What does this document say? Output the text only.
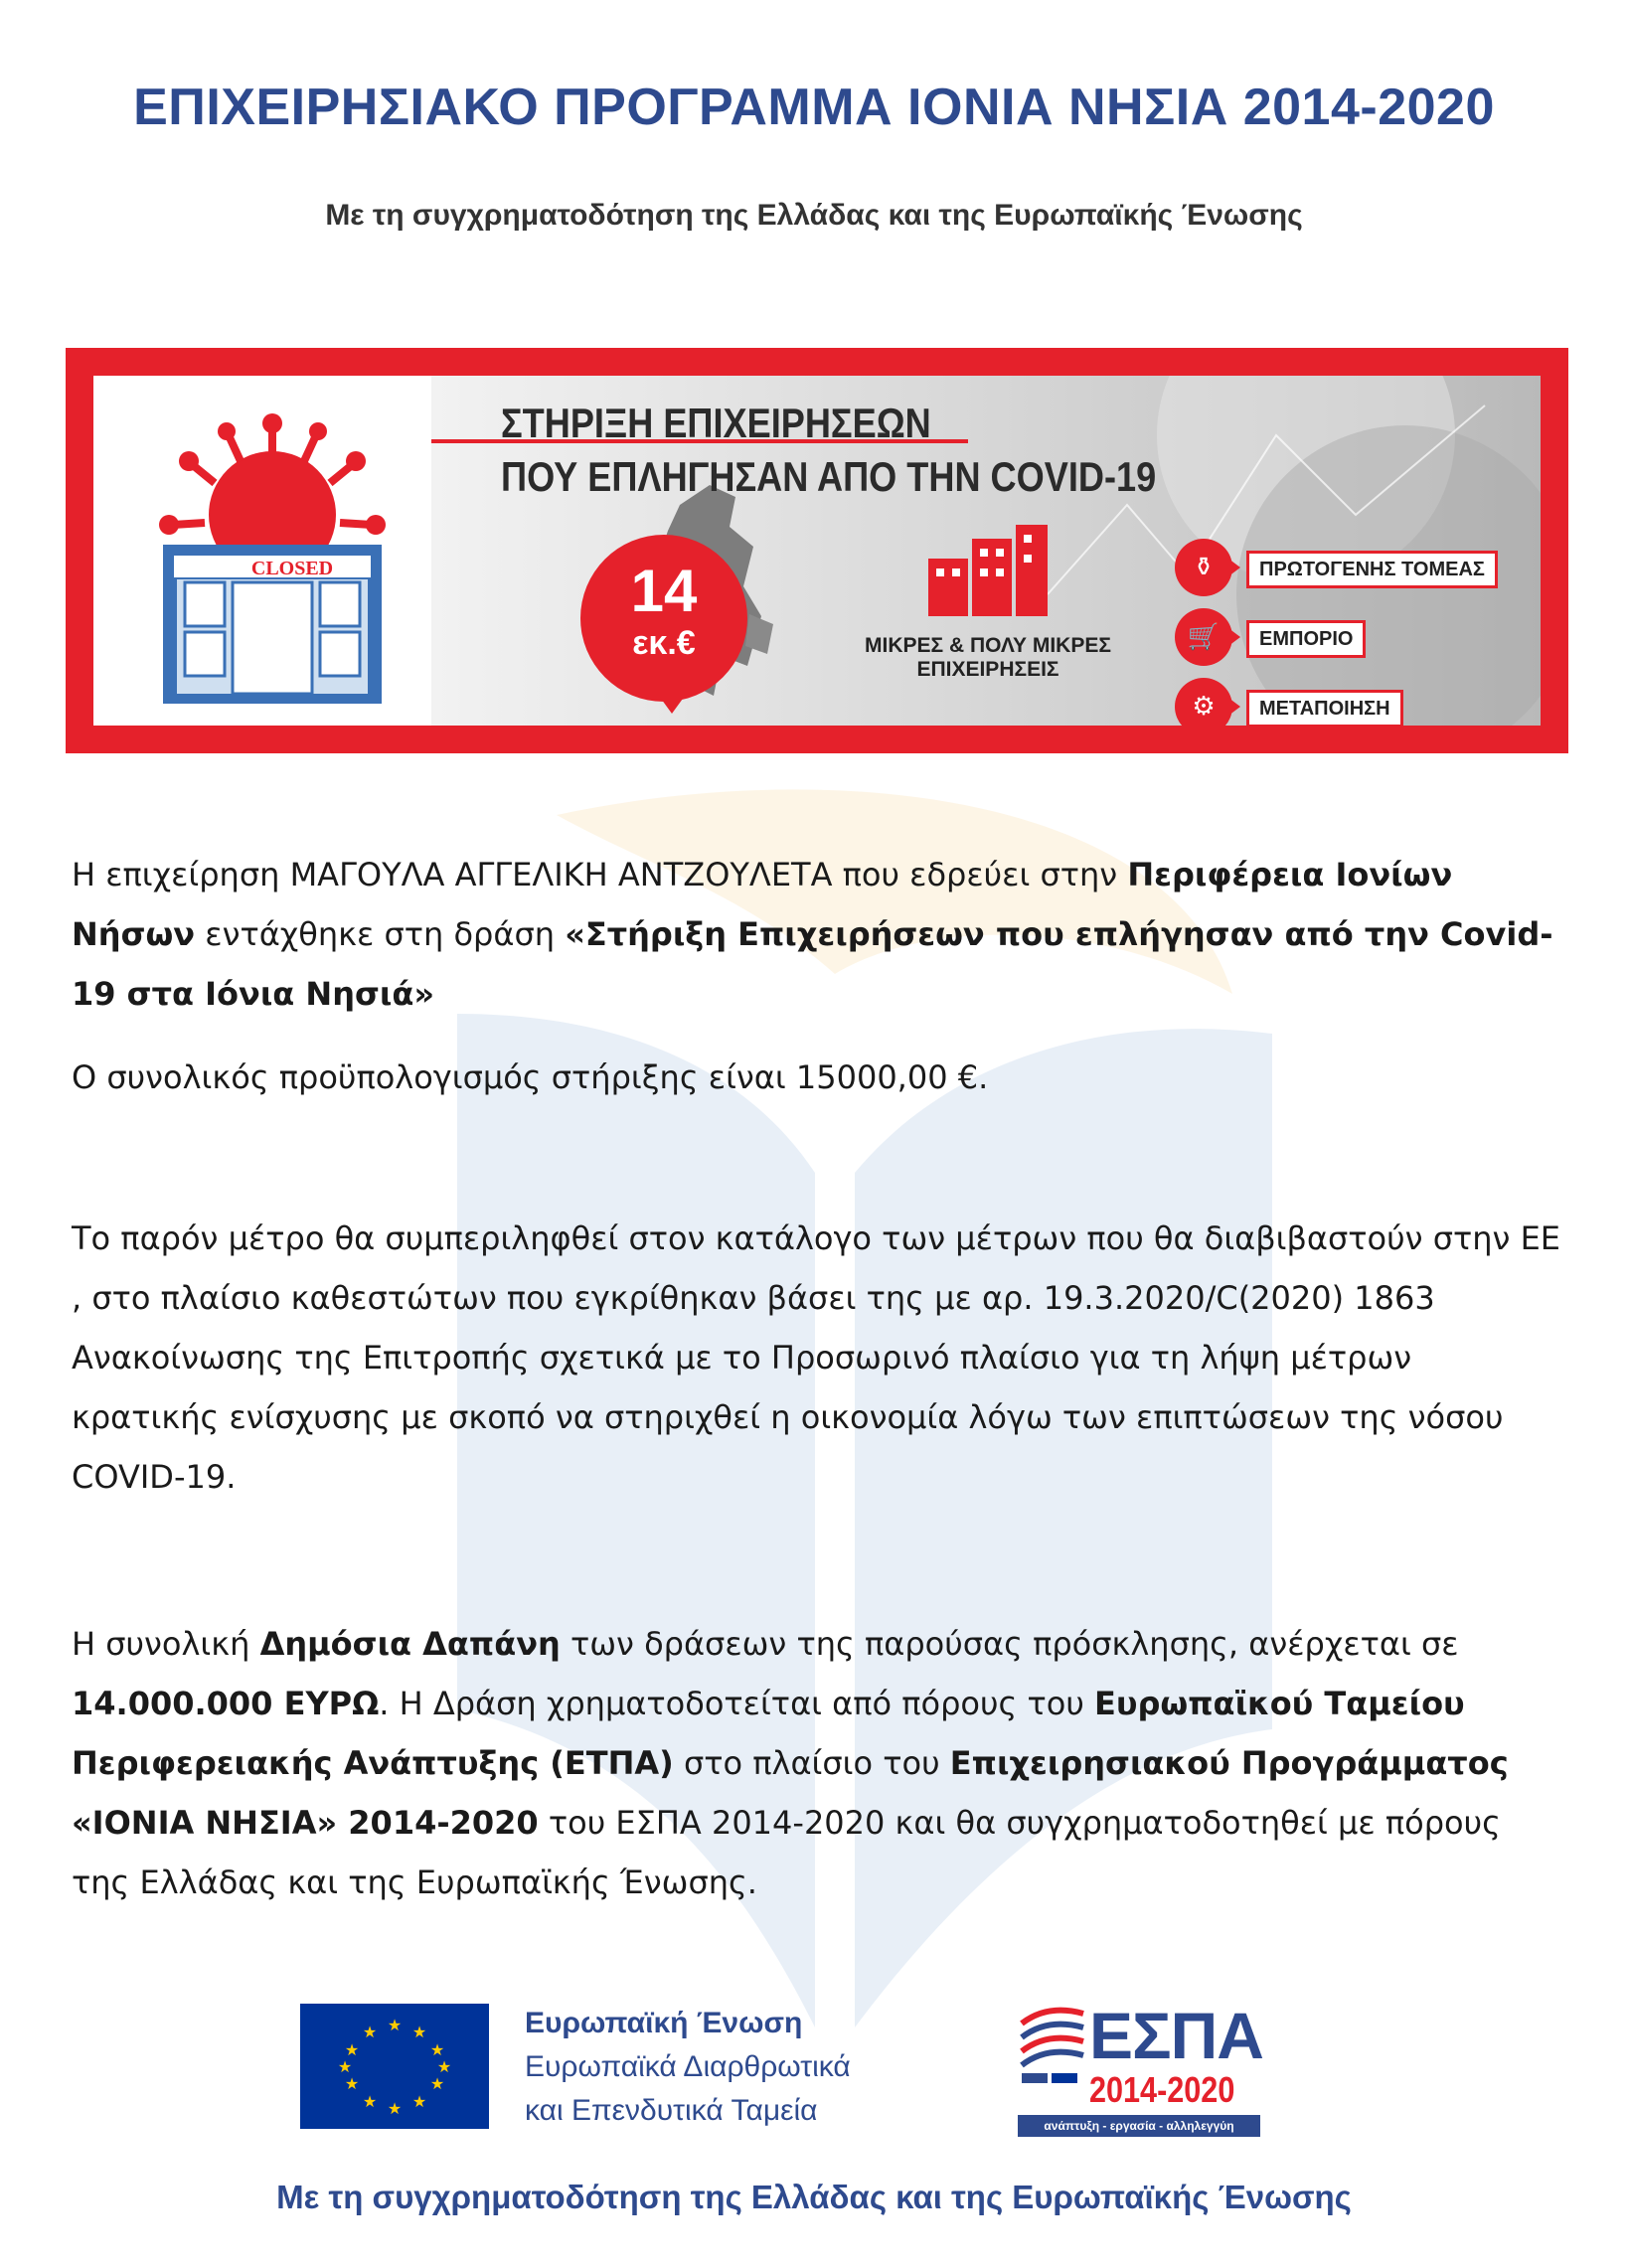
ΕΠΙΧΕΙΡΗΣΙΑΚΟ ΠΡΟΓΡΑΜΜΑ ΙΟΝΙΑ ΝΗΣΙΑ 2014-2020
Με τη συγχρηματοδότηση της Ελλάδας και της Ευρωπαϊκής Ένωσης
CLOSED
ΣΤΗΡΙΞΗ ΕΠΙΧΕΙΡΗΣΕΩΝ
ΠΟΥ ΕΠΛΗΓΗΣΑΝ ΑΠΟ ΤΗΝ COVID-19
14
εκ.€	ΜΙΚΡΕΣ & ΠΟΛΥ ΜΙΚΡΕΣ
ΕΠΙΧΕΙΡΗΣΕΙΣ
⚱	ΠΡΩΤΟΓΕΝΗΣ ΤΟΜΕΑΣ
🛒	ΕΜΠΟΡΙΟ
⚙	ΜΕΤΑΠΟΙΗΣΗ
Η επιχείρηση ΜΑΓΟΥΛΑ ΑΓΓΕΛΙΚΗ ΑΝΤΖΟΥΛΕΤΑ που εδρεύει στην Περιφέρεια Ιονίων Νήσων εντάχθηκε στη δράση «Στήριξη Επιχειρήσεων που επλήγησαν από την Covid-19 στα Ιόνια Νησιά»
Ο συνολικός προϋπολογισμός στήριξης είναι 15000,00 €.
Το παρόν μέτρο θα συμπεριληφθεί στον κατάλογο των μέτρων που θα διαβιβαστούν στην ΕΕ , στο πλαίσιο καθεστώτων που εγκρίθηκαν βάσει της με αρ. 19.3.2020/C(2020) 1863 Ανακοίνωσης της Επιτροπής σχετικά με το Προσωρινό πλαίσιο για τη λήψη μέτρων κρατικής ενίσχυσης με σκοπό να στηριχθεί η οικονομία λόγω των επιπτώσεων της νόσου COVID-19.
Η συνολική Δημόσια Δαπάνη των δράσεων της παρούσας πρόσκλησης, ανέρχεται σε 14.000.000 ΕΥΡΩ. Η Δράση χρηματοδοτείται από πόρους του Ευρωπαϊκού Ταμείου Περιφερειακής Ανάπτυξης (ΕΤΠΑ) στο πλαίσιο του Επιχειρησιακού Προγράμματος «ΙΟΝΙΑ ΝΗΣΙΑ» 2014-2020 του ΕΣΠΑ 2014-2020 και θα συγχρηματοδοτηθεί με πόρους της Ελλάδας και της Ευρωπαϊκής Ένωσης.
★ ★
★
★
★
★
★
★
★
★
★
★	Ευρωπαϊκή Ένωση
Ευρωπαϊκά Διαρθρωτικά
και Επενδυτικά Ταμεία
ΕΣΠΑ
2014-2020
ανάπτυξη - εργασία - αλληλεγγύη
Με τη συγχρηματοδότηση της Ελλάδας και της Ευρωπαϊκής Ένωσης
